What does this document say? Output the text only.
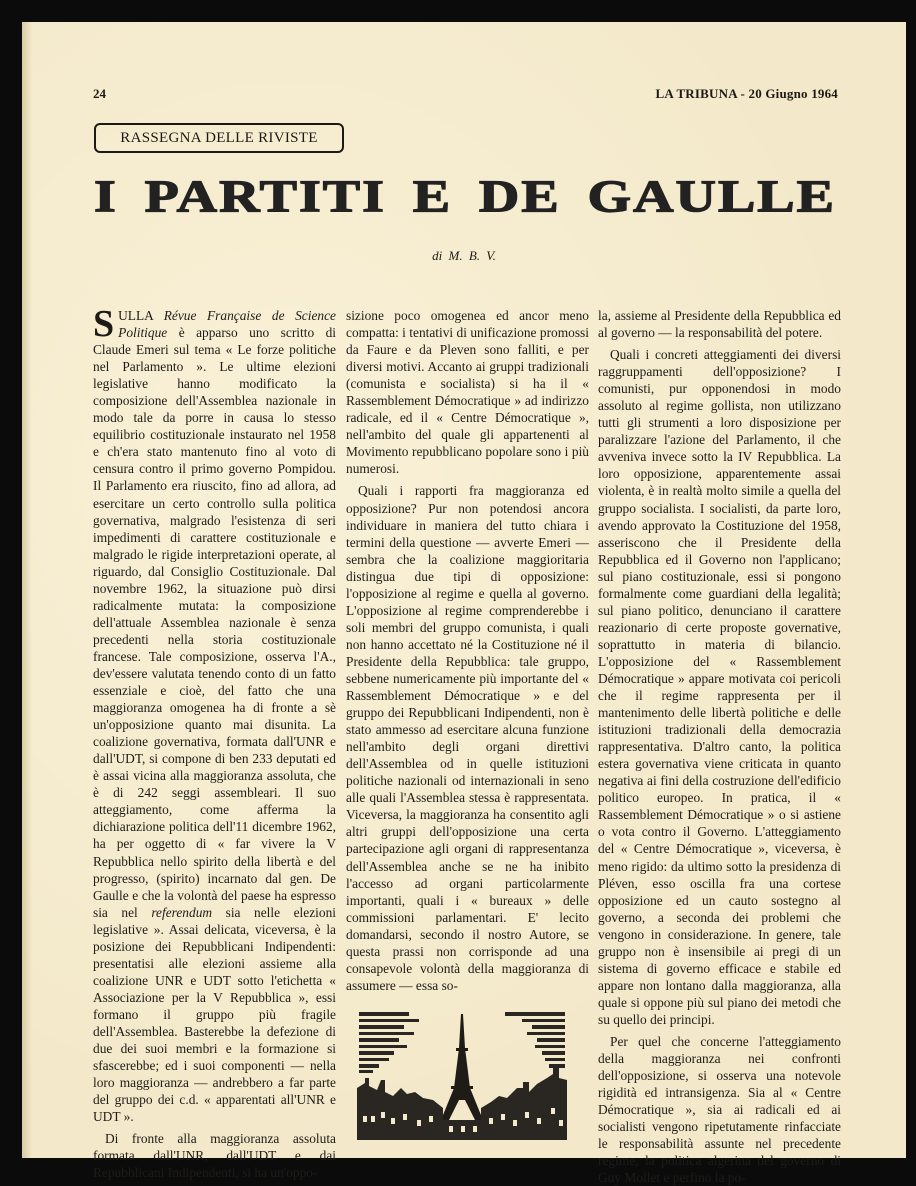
24	LA TRIBUNA - 20 Giugno 1964
RASSEGNA DELLE RIVISTE
I PARTITI E DE GAULLE
di M. B. V.

SULLA Révue Française de Science Politique è apparso uno scritto di Claude Emeri sul tema « Le forze politiche nel Parlamento ». Le ultime elezioni legislative hanno modificato la composizione dell'Assemblea nazionale in modo tale da porre in causa lo stesso equilibrio costituzionale instaurato nel 1958 e ch'era stato mantenuto fino al voto di censura contro il primo governo Pompidou. Il Parlamento era riuscito, fino ad allora, ad esercitare un certo controllo sulla politica governativa, malgrado l'esistenza di seri impedimenti di carattere costituzionale e malgrado le rigide interpretazioni operate, al riguardo, dal Consiglio Costituzionale. Dal novembre 1962, la situazione può dirsi radicalmente mutata: la composizione dell'attuale Assemblea nazionale è senza precedenti nella storia costituzionale francese. Tale composizione, osserva l'A., dev'essere valutata tenendo conto di un fatto essenziale e cioè, del fatto che una maggioranza omogenea ha di fronte a sè un'opposizione quanto mai disunita. La coalizione governativa, formata dall'UNR e dall'UDT, si compone di ben 233 deputati ed è assai vicina alla maggioranza assoluta, che è di 242 seggi assembleari. Il suo atteggiamento, come afferma la dichiarazione politica dell'11 dicembre 1962, ha per oggetto di « far vivere la V Repubblica nello spirito della libertà e del progresso, (spirito) incarnato dal gen. De Gaulle e che la volontà del paese ha espresso sia nel referendum sia nelle elezioni legislative ». Assai delicata, viceversa, è la posizione dei Repubblicani Indipendenti: presentatisi alle elezioni assieme alla coalizione UNR e UDT sotto l'etichetta « Associazione per la V Repubblica », essi formano il gruppo più fragile dell'Assemblea. Basterebbe la defezione di due dei suoi membri e la formazione si sfascerebbe; ed i suoi componenti — nella loro maggioranza — andrebbero a far parte del gruppo dei c.d. « apparentati all'UNR e UDT ».

Di fronte alla maggioranza assoluta formata dall'UNR, dall'UDT e dai Repubblicani Indipendenti, si ha un'oppo-

sizione poco omogenea ed ancor meno compatta: i tentativi di unificazione promossi da Faure e da Pleven sono falliti, e per diversi motivi. Accanto ai gruppi tradizionali (comunista e socialista) si ha il « Rassemblement Démocratique » ad indirizzo radicale, ed il « Centre Démocratique », nell'ambito del quale gli appartenenti al Movimento repubblicano popolare sono i più numerosi.

Quali i rapporti fra maggioranza ed opposizione? Pur non potendosi ancora individuare in maniera del tutto chiara i termini della questione — avverte Emeri — sembra che la coalizione maggioritaria distingua due tipi di opposizione: l'opposizione al regime e quella al governo. L'opposizione al regime comprenderebbe i soli membri del gruppo comunista, i quali non hanno accettato né la Costituzione né il Presidente della Repubblica: tale gruppo, sebbene numericamente più importante del « Rassemblement Démocratique » e del gruppo dei Repubblicani Indipendenti, non è stato ammesso ad esercitare alcuna funzione nell'ambito degli organi direttivi dell'Assemblea od in quelle istituzioni politiche nazionali od internazionali in seno alle quali l'Assemblea stessa è rappresentata. Viceversa, la maggioranza ha consentito agli altri gruppi dell'opposizione una certa partecipazione agli organi di rappresentanza dell'Assemblea anche se ne ha inibito l'accesso ad organi particolarmente importanti, quali i « bureaux » delle commissioni parlamentari. E' lecito domandarsi, secondo il nostro Autore, se questa prassi non corrisponde ad una consapevole volontà della maggioranza di assumere — essa so-

la, assieme al Presidente della Repubblica ed al governo — la responsabilità del potere.

Quali i concreti atteggiamenti dei diversi raggruppamenti dell'opposizione? I comunisti, pur opponendosi in modo assoluto al regime gollista, non utilizzano tutti gli strumenti a loro disposizione per paralizzare l'azione del Parlamento, il che avveniva invece sotto la IV Repubblica. La loro opposizione, apparentemente assai violenta, è in realtà molto simile a quella del gruppo socialista. I socialisti, da parte loro, avendo approvato la Costituzione del 1958, asseriscono che il Presidente della Repubblica ed il Governo non l'applicano; sul piano costituzionale, essi si pongono formalmente come guardiani della legalità; sul piano politico, denunciano il carattere reazionario di certe proposte governative, soprattutto in materia di bilancio. L'opposizione del « Rassemblement Démocratique » appare motivata coi pericoli che il regime rappresenta per il mantenimento delle libertà politiche e delle istituzioni tradizionali della democrazia rappresentativa. D'altro canto, la politica estera governativa viene criticata in quanto negativa ai fini della costruzione dell'edificio politico europeo. In pratica, il « Rassemblement Démocratique » o si astiene o vota contro il Governo. L'atteggiamento del « Centre Démocratique », viceversa, è meno rigido: da ultimo sotto la presidenza di Pléven, esso oscilla fra una cortese opposizione ed un cauto sostegno al governo, a seconda dei problemi che vengono in considerazione. In genere, tale gruppo non è insensibile ai pregi di un sistema di governo efficace e stabile ed appare non lontano dalla maggioranza, alla quale si oppone più sul piano dei metodi che su quello dei principi.

Per quel che concerne l'atteggiamento della maggioranza nei confronti dell'opposizione, si osserva una notevole rigidità ed intransigenza. Sia al « Centre Démocratique », sia ai radicali ed ai socialisti vengono ripetutamente rinfacciate le responsabilità assunte nel precedente regime, la politica algerina del governo di Guy Mollet e perfino la po-
